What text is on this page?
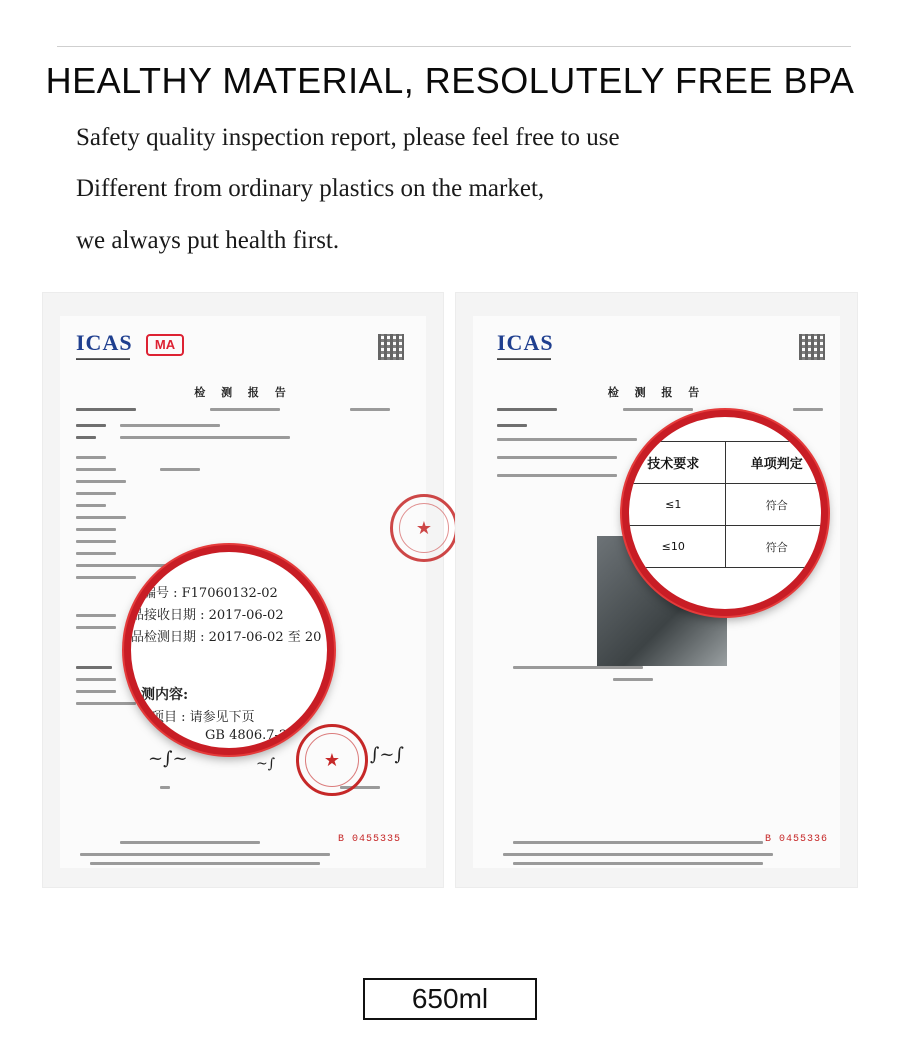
HEALTHY MATERIAL, RESOLUTELY FREE BPA

Safety quality inspection report, please feel free to use

Different from ordinary plastics on the market,

we always put health first.

ICAS
▬▬▬▬▬▬▬▬▬
MA
检 测 报 告
★
★
~∫~	~∫	∫~∫
B 0455335
编号 : F17060132-02
品接收日期 : 2017-06-02
品检测日期 : 2017-06-02 至 20
测内容:
项目 : 请参见下页
GB 4806.7-20
ICAS
▬▬▬▬▬▬▬▬▬
检 测 报 告
B 0455336
技术要求	单项判定
≤1	符合
≤10	符合
650ml
